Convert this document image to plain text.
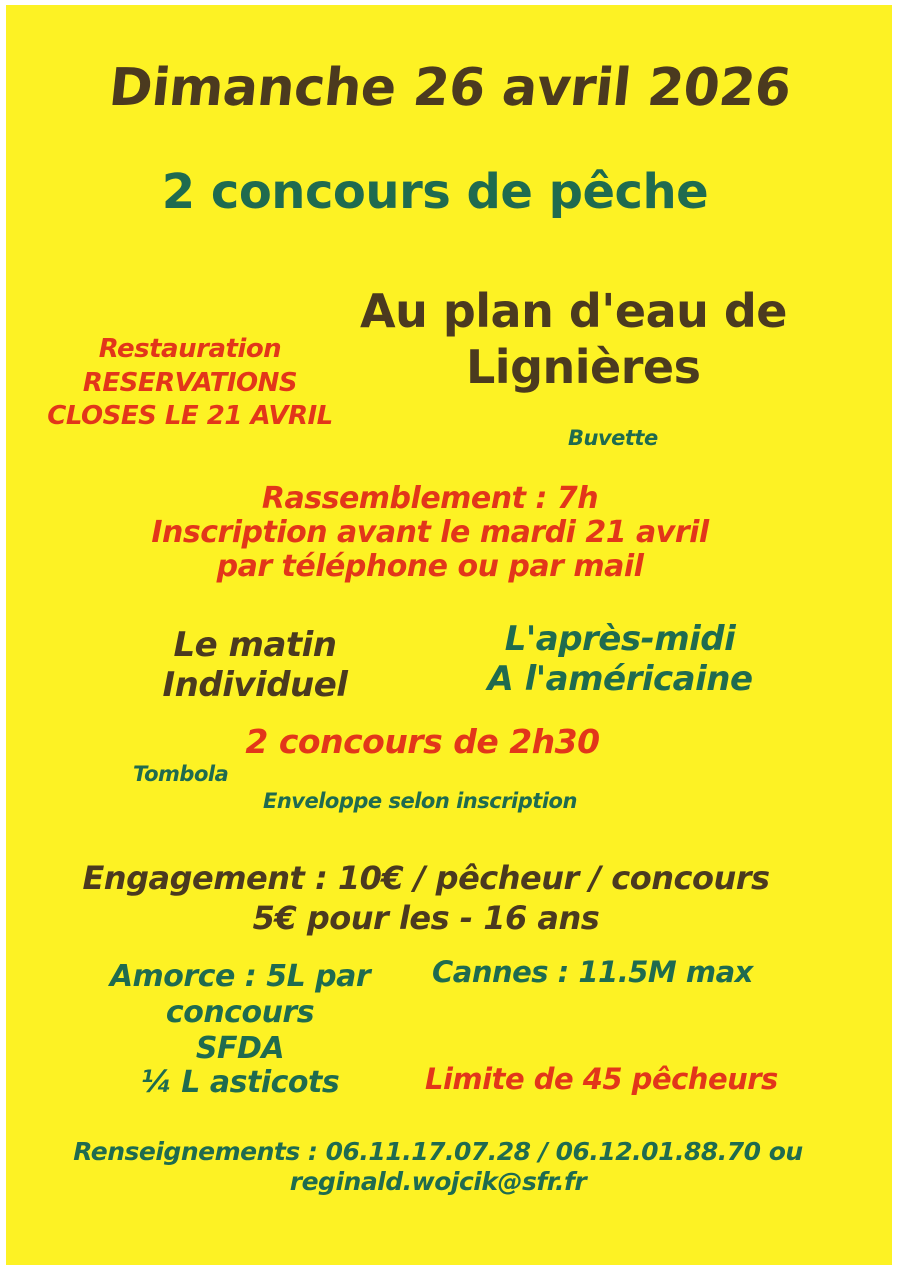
Dimanche 26 avril 2026
2 concours de pêche
Au plan d'eau de
Lignières
Restauration
RESERVATIONS
CLOSES LE 21 AVRIL
Buvette
Rassemblement : 7h
Inscription avant le mardi 21 avril
par téléphone ou par mail
Le matin
Individuel
L'après-midi
A l'américaine
2 concours de 2h30
Tombola
Enveloppe selon inscription
Engagement : 10€ / pêcheur / concours
5€ pour les - 16 ans
Amorce : 5L par
concours
SFDA
¼ L asticots
Cannes : 11.5M max
Limite de 45 pêcheurs
Renseignements : 06.11.17.07.28 / 06.12.01.88.70 ou
reginald.wojcik@sfr.fr
